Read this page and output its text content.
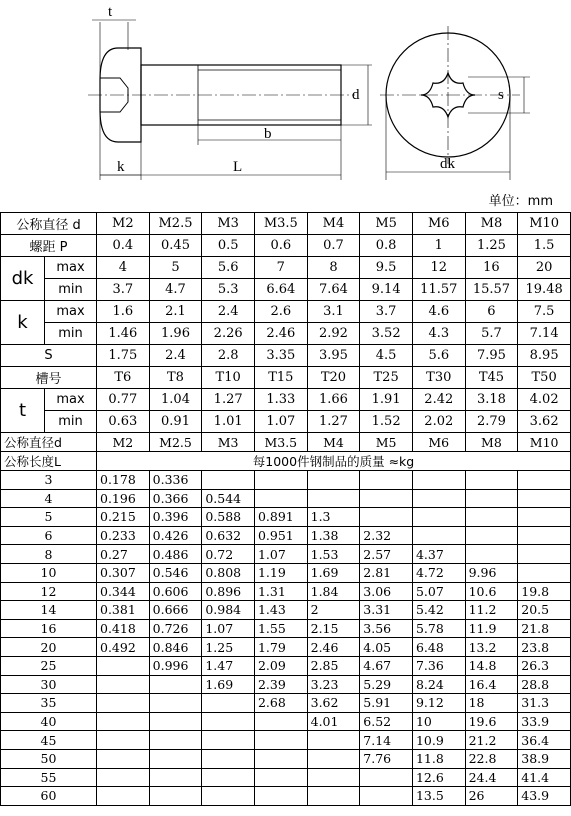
t
d
b
k	L
s
dk
单位：mm
公称直径 d		M2	M2.5	M3	M3.5	M4	M5	M6	M8	M10
螺距 P		0.4	0.45	0.5	0.6	0.7	0.8	1	1.25	1.5
dk	max	4	5	5.6	7	8	9.5	12	16	20
	min	3.7	4.7	5.3	6.64	7.64	9.14	11.57	15.57	19.48
k	max	1.6	2.1	2.4	2.6	3.1	3.7	4.6	6	7.5
	min	1.46	1.96	2.26	2.46	2.92	3.52	4.3	5.7	7.14
S		1.75	2.4	2.8	3.35	3.95	4.5	5.6	7.95	8.95
槽号		T6	T8	T10	T15	T20	T25	T30	T45	T50
t	max	0.77	1.04	1.27	1.33	1.66	1.91	2.42	3.18	4.02
	min	0.63	0.91	1.01	1.07	1.27	1.52	2.02	2.79	3.62
公称直径d	M2	M2.5	M3	M3.5	M4	M5	M6	M8	M10
公称长度L	每1000件钢制品的质量 ≈kg								
3	0.178	0.336							
4	0.196	0.366	0.544						
5	0.215	0.396	0.588	0.891	1.3				
6	0.233	0.426	0.632	0.951	1.38	2.32			
8	0.27	0.486	0.72	1.07	1.53	2.57	4.37		
10	0.307	0.546	0.808	1.19	1.69	2.81	4.72	9.96	
12	0.344	0.606	0.896	1.31	1.84	3.06	5.07	10.6	19.8
14	0.381	0.666	0.984	1.43	2	3.31	5.42	11.2	20.5
16	0.418	0.726	1.07	1.55	2.15	3.56	5.78	11.9	21.8
20	0.492	0.846	1.25	1.79	2.46	4.05	6.48	13.2	23.8
25		0.996	1.47	2.09	2.85	4.67	7.36	14.8	26.3
30			1.69	2.39	3.23	5.29	8.24	16.4	28.8
35				2.68	3.62	5.91	9.12	18	31.3
40					4.01	6.52	10	19.6	33.9
45						7.14	10.9	21.2	36.4
50						7.76	11.8	22.8	38.9
55							12.6	24.4	41.4
60							13.5	26	43.9
